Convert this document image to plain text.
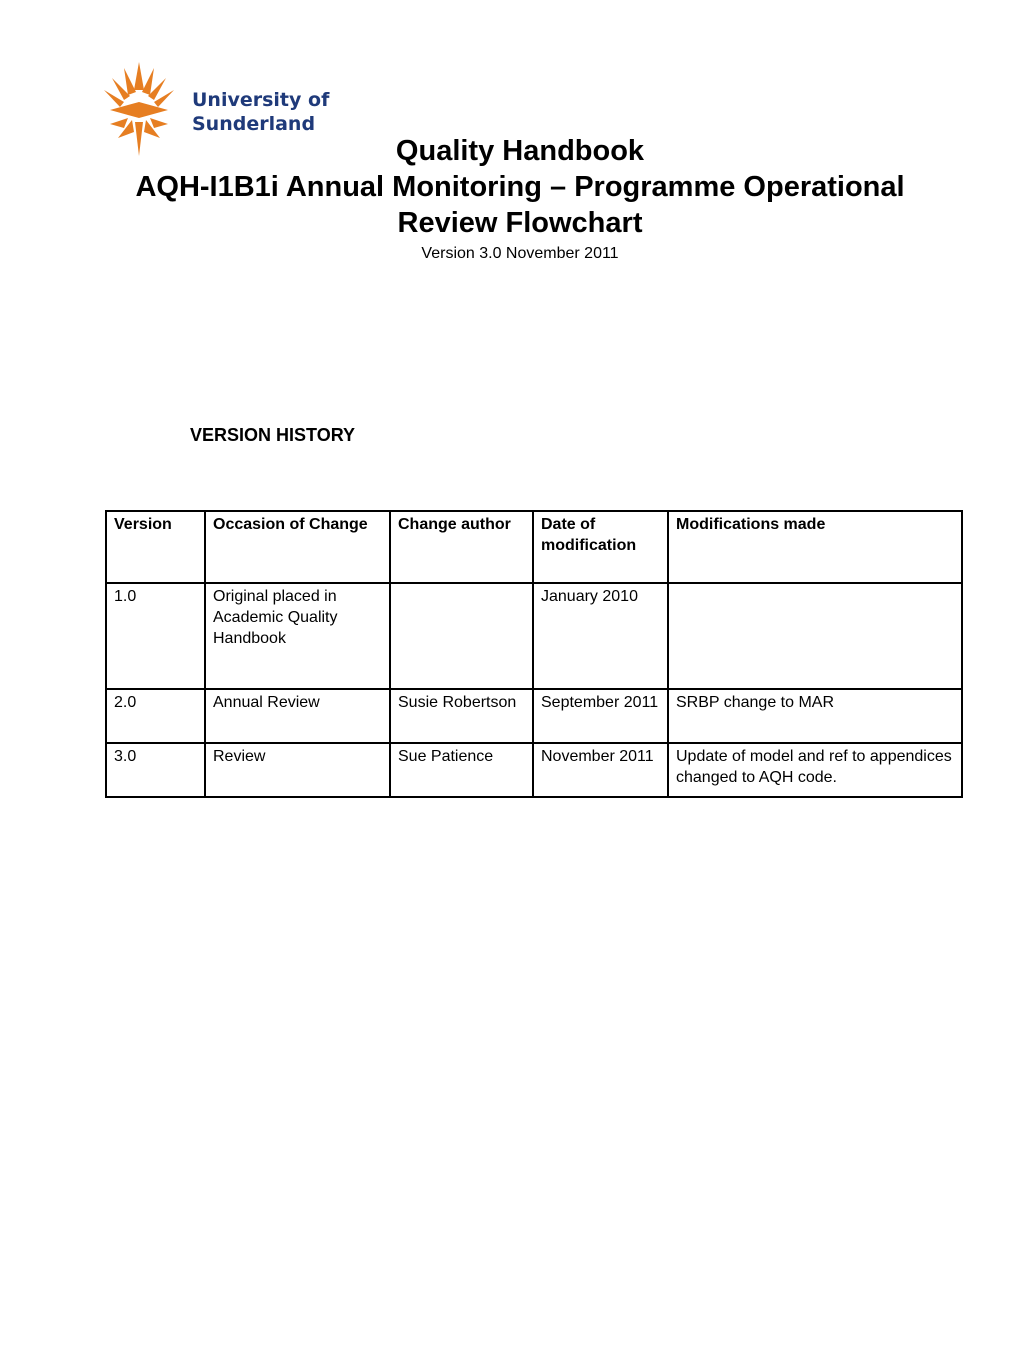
University of
Sunderland

Quality Handbook

AQH-I1B1i Annual Monitoring – Programme Operational

Review Flowchart

Version 3.0 November 2011
VERSION HISTORY
Version	Occasion of Change	Change author	Date of modification	Modifications made
1.0	Original placed in Academic Quality Handbook		January 2010	
2.0	Annual Review	Susie Robertson	September 2011	SRBP change to MAR
3.0	Review	Sue Patience	November 2011	Update of model and ref to appendices changed to AQH code.
